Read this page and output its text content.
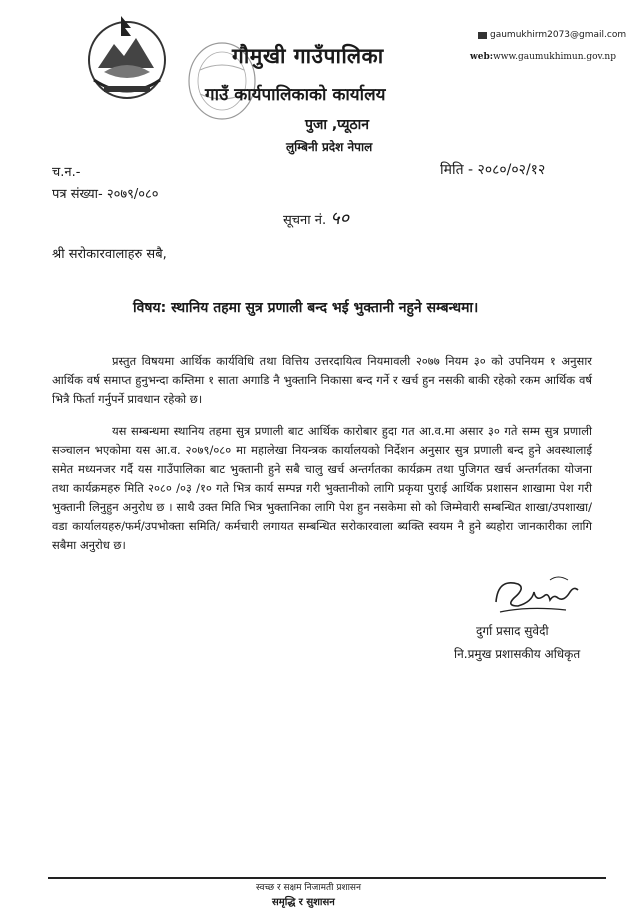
गौमुखी गाउँपालिका
गाउँ कार्यपालिकाको कार्यालय
पुजा ,प्यूठान
लुम्बिनी प्रदेश नेपाल
gaumukhirm2073@gmail.com
web:www.gaumukhimun.gov.np
च.न.-
पत्र संख्या- २०७९/०८०
मिति - २०८०/०२/१२
सूचना नं. ५०
श्री सरोकारवालाहरु सबै,
विषय: स्थानिय तहमा सुत्र प्रणाली बन्द भई भुक्तानी नहुने सम्बन्धमा।

प्रस्तुत विषयमा आर्थिक कार्यविधि तथा वित्तिय उत्तरदायित्व नियमावली २०७७ नियम ३० को उपनियम १ अनुसार आर्थिक वर्ष समाप्त हुनुभन्दा कम्तिमा १ साता अगाडि नै भुक्तानि निकासा बन्द गर्ने र खर्च हुन नसकी बाकी रहेको रकम आर्थिक वर्ष भित्रै फिर्ता गर्नुपर्ने प्रावधान रहेको छ।

यस सम्बन्धमा स्थानिय तहमा सुत्र प्रणाली बाट आर्थिक कारोबार हुदा गत आ.व.मा असार ३० गते सम्म सुत्र प्रणाली सञ्चालन भएकोमा यस आ.व. २०७९/०८० मा महालेखा नियन्त्रक कार्यालयको निर्देशन अनुसार सुत्र प्रणाली बन्द हुने अवस्थालाई समेत मध्यनजर गर्दै यस गाउँपालिका बाट भुक्तानी हुने सबै चालु खर्च अन्तर्गतका कार्यक्रम तथा पुजिगत खर्च अन्तर्गतका योजना तथा कार्यक्रमहरु मिति २०८० /०३ /१० गते भित्र कार्य सम्पन्न गरी भुक्तानीको लागि प्रकृया पुराई आर्थिक प्रशासन शाखामा पेश गरी भुक्तानी लिनुहुन अनुरोध छ । साथै उक्त मिति भित्र भुक्तानिका लागि पेश हुन नसकेमा सो को जिम्मेवारी सम्बन्धित शाखा/उपशाखा/वडा कार्यालयहरु/फर्म/उपभोक्ता समिति/ कर्मचारी लगायत सम्बन्धित सरोकारवाला ब्यक्ति स्वयम नै हुने ब्यहोरा जानकारीका लागि सबैमा अनुरोध छ।

दुर्गा प्रसाद सुवेदी
नि.प्रमुख प्रशासकीय अधिकृत
स्वच्छ र सक्षम निजामती प्रशासन
समृद्धि र सुशासन
